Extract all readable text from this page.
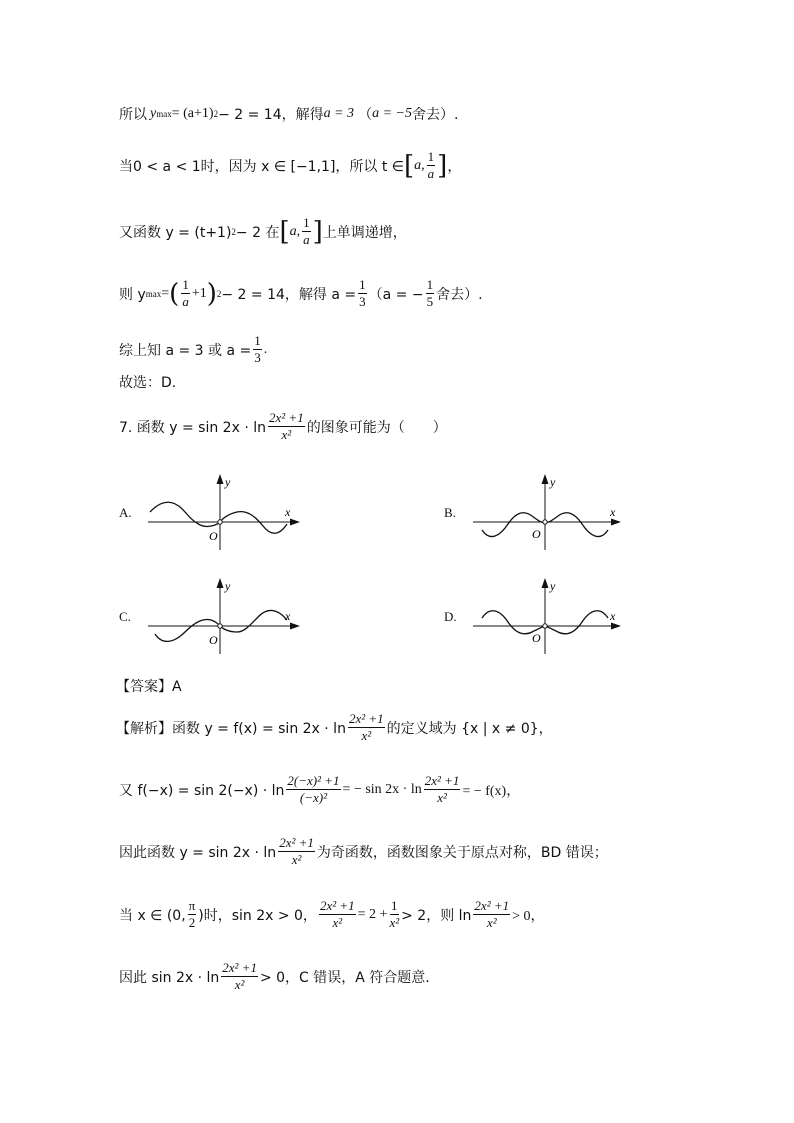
所以 y max = (a+1) 2 − 2 = 14，解得 a = 3 （ a = −5 舍去）.
当0 < a < 1时，因为 x ∈ [−1,1]，所以 t ∈ [ a, $\frac{1}{a}$ ] ，
又函数 y = (t+1) 2 − 2 在 [ a, $\frac{1}{a}$ ] 上单调递增，
则 y max = ( $\frac{1}{a} +1$ ) 2 − 2 = 14，解得 $a = \frac{1}{3} (a$ = − $\frac{1}{5}$ 舍去）.
综上知 a = 3 或 $a = \frac{1}{3}$ .
故选：D.
7. 函数 $y = \sin 2x \cdot \ln \frac{\text{2x² +1}}{\text{x²}}$ 的图象可能为（　　）
A.	B.
C.	D.
y
x
O
y
x
O
y
x
O
y
x
O
【答案】A
【解析】函数 $y = f(x) = \sin 2x \cdot \ln \frac{\text{2x² +1}}{\text{x²}}$ 的定义域为 {x | x ≠ 0}，
又 $f(-x) = \sin 2(-x) \cdot \ln \frac{\text{2(−x)² +1}}{\text{(−x)²}}$ = − $\sin 2x \cdot \ln \frac{\text{2x² +1}}{\text{x²}}$ = − f(x)，
因此函数 $y = \sin 2x \cdot \ln \frac{\text{2x² +1}}{\text{x²}}$ 为奇函数，函数图象关于原点对称，BD 错误；
当 x ∈ (0, $\frac{\pi}{2}$ )时，sin 2x > 0， $\frac{\text{2x² +1}}{\text{x²}} = 2 + \frac{1}{\text{x²}} > 2$，则 $\ln \frac{\text{2x² +1}}{\text{x²}} > 0$，
因此 $\sin 2x \cdot \ln \frac{\text{2x² +1}}{\text{x²}} > 0$，C 错误，A 符合题意.
